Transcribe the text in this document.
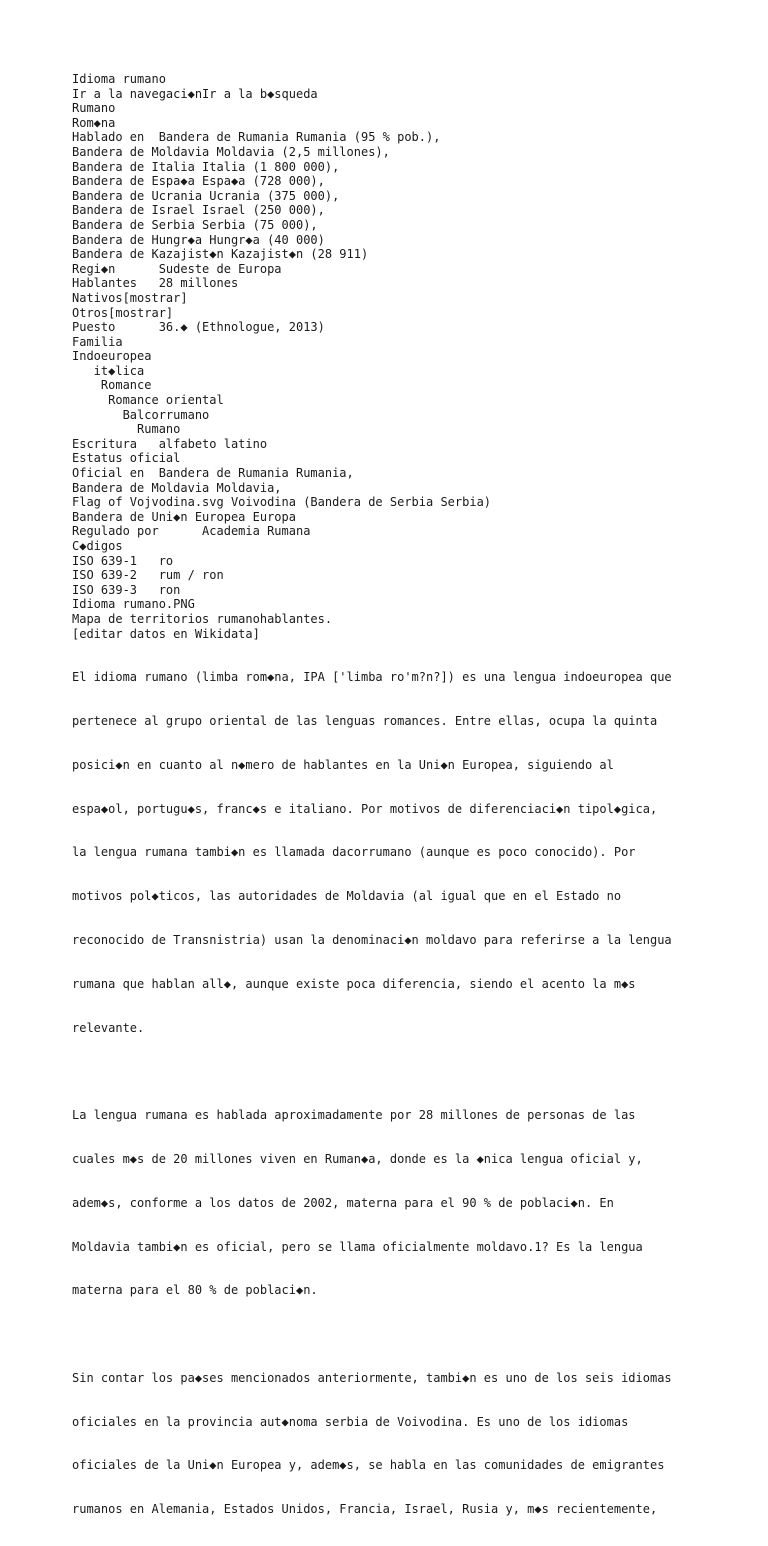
Idioma rumano
Ir a la navegaci◆nIr a la b◆squeda
Rumano
Rom◆na
Hablado en  Bandera de Rumania Rumania (95 % pob.),
Bandera de Moldavia Moldavia (2,5 millones),
Bandera de Italia Italia (1 800 000),
Bandera de Espa◆a Espa◆a (728 000),
Bandera de Ucrania Ucrania (375 000),
Bandera de Israel Israel (250 000),
Bandera de Serbia Serbia (75 000),
Bandera de Hungr◆a Hungr◆a (40 000)
Bandera de Kazajist◆n Kazajist◆n (28 911)
Regi◆n      Sudeste de Europa
Hablantes   28 millones
Nativos[mostrar]
Otros[mostrar]
Puesto      36.◆ (Ethnologue, 2013)
Familia
Indoeuropea
it◆lica
Romance
Romance oriental
Balcorrumano
Rumano
Escritura   alfabeto latino
Estatus oficial
Oficial en  Bandera de Rumania Rumania,
Bandera de Moldavia Moldavia,
Flag of Vojvodina.svg Voivodina (Bandera de Serbia Serbia)
Bandera de Uni◆n Europea Europa
Regulado por      Academia Rumana
C◆digos
ISO 639-1   ro
ISO 639-2   rum / ron
ISO 639-3   ron
Idioma rumano.PNG
Mapa de territorios rumanohablantes.
[editar datos en Wikidata]

El idioma rumano (limba rom◆na, IPA ['limba ro'm?n?]) es una lengua indoeuropea que

pertenece al grupo oriental de las lenguas romances. Entre ellas, ocupa la quinta

posici◆n en cuanto al n◆mero de hablantes en la Uni◆n Europea, siguiendo al

espa◆ol, portugu◆s, franc◆s e italiano. Por motivos de diferenciaci◆n tipol◆gica,

la lengua rumana tambi◆n es llamada dacorrumano (aunque es poco conocido). Por

motivos pol◆ticos, las autoridades de Moldavia (al igual que en el Estado no

reconocido de Transnistria) usan la denominaci◆n moldavo para referirse a la lengua

rumana que hablan all◆, aunque existe poca diferencia, siendo el acento la m◆s

relevante.

La lengua rumana es hablada aproximadamente por 28 millones de personas de las

cuales m◆s de 20 millones viven en Ruman◆a, donde es la ◆nica lengua oficial y,

adem◆s, conforme a los datos de 2002, materna para el 90 % de poblaci◆n. En

Moldavia tambi◆n es oficial, pero se llama oficialmente moldavo.1? Es la lengua

materna para el 80 % de poblaci◆n.

Sin contar los pa◆ses mencionados anteriormente, tambi◆n es uno de los seis idiomas

oficiales en la provincia aut◆noma serbia de Voivodina. Es uno de los idiomas

oficiales de la Uni◆n Europea y, adem◆s, se habla en las comunidades de emigrantes

rumanos en Alemania, Estados Unidos, Francia, Israel, Rusia y, m◆s recientemente,
